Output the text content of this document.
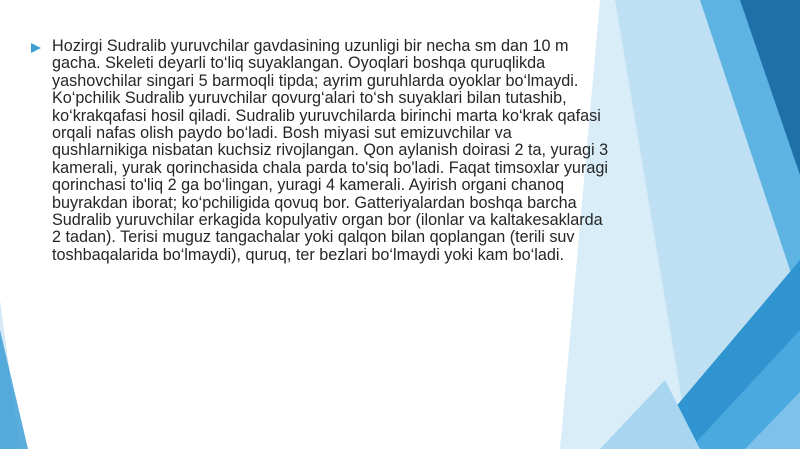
Hozirgi Sudralib yuruvchilar gavdasining uzunligi bir necha sm dan 10 m gacha. Skeleti deyarli to‘liq suyaklangan. Oyoqlari boshqa quruqlikda yashovchilar singari 5 barmoqli tipda; ayrim guruhlarda oyoklar bo‘lmaydi. Ko‘pchilik Sudralib yuruvchilar qovurg‘alari to‘sh suyaklari bilan tutashib, ko‘krakqafasi hosil qiladi. Sudralib yuruvchilarda birinchi marta ko‘krak qafasi orqali nafas olish paydo bo‘ladi. Bosh miyasi sut emizuvchilar va qushlarnikiga nisbatan kuchsiz rivojlangan. Qon aylanish doirasi 2 ta, yuragi 3 kamerali, yurak qorinchasida chala parda to'siq bo'ladi. Faqat timsoxlar yuragi qorinchasi to'liq 2 ga bo‘lingan, yuragi 4 kamerali. Ayirish organi chanoq buyrakdan iborat; ko‘pchiligida qovuq bor. Gatteriyalardan boshqa barcha Sudralib yuruvchilar erkagida kopulyativ organ bor (ilonlar va kaltakesaklarda 2 tadan). Terisi muguz tangachalar yoki qalqon bilan qoplangan (terili suv toshbaqalarida bo‘lmaydi), quruq, ter bezlari bo‘lmaydi yoki kam bo‘ladi.
